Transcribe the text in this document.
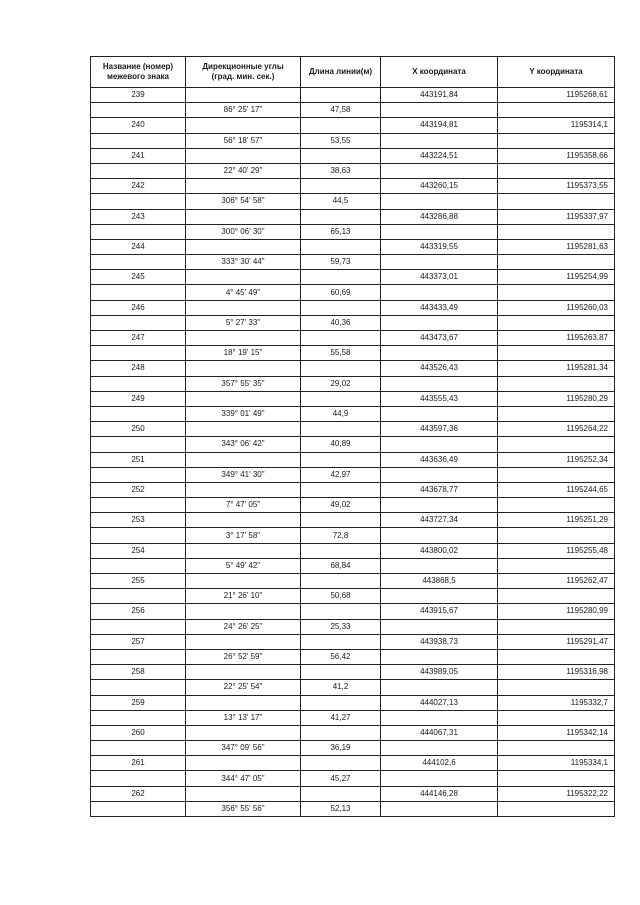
Название (номер)
межевого знака	Дирекционные углы
(град. мин. сек.)	Длина линии(м)	X координата	Y координата
239			443191,84	1195268,61
	86° 25' 17"	47,58		
240			443194,81	1195314,1
	56° 18' 57"	53,55		
241			443224,51	1195358,66
	22° 40' 29"	38,63		
242			443260,15	1195373,55
	306° 54' 58"	44,5		
243			443286,88	1195337,97
	300° 06' 30"	65,13		
244			443319,55	1195281,63
	333° 30' 44"	59,73		
245			443373,01	1195254,99
	4° 45' 49"	60,69		
246			443433,49	1195260,03
	5° 27' 33"	40,36		
247			443473,67	1195263,87
	18° 19' 15"	55,58		
248			443526,43	1195281,34
	357° 55' 35"	29,02		
249			443555,43	1195280,29
	339° 01' 49"	44,9		
250			443597,36	1195264,22
	343° 06' 42"	40,89		
251			443636,49	1195252,34
	349° 41' 30"	42,97		
252			443678,77	1195244,65
	7° 47' 05"	49,02		
253			443727,34	1195251,29
	3° 17' 58"	72,8		
254			443800,02	1195255,48
	5° 49' 42"	68,84		
255			443868,5	1195262,47
	21° 26' 10"	50,68		
256			443915,67	1195280,99
	24° 26' 25"	25,33		
257			443938,73	1195291,47
	26° 52' 59"	56,42		
258			443989,05	1195316,98
	22° 25' 54"	41,2		
259			444027,13	1195332,7
	13° 13' 17"	41,27		
260			444067,31	1195342,14
	347° 09' 56"	36,19		
261			444102,6	1195334,1
	344° 47' 05"	45,27		
262			444146,28	1195322,22
	356° 55' 56"	52,13		
